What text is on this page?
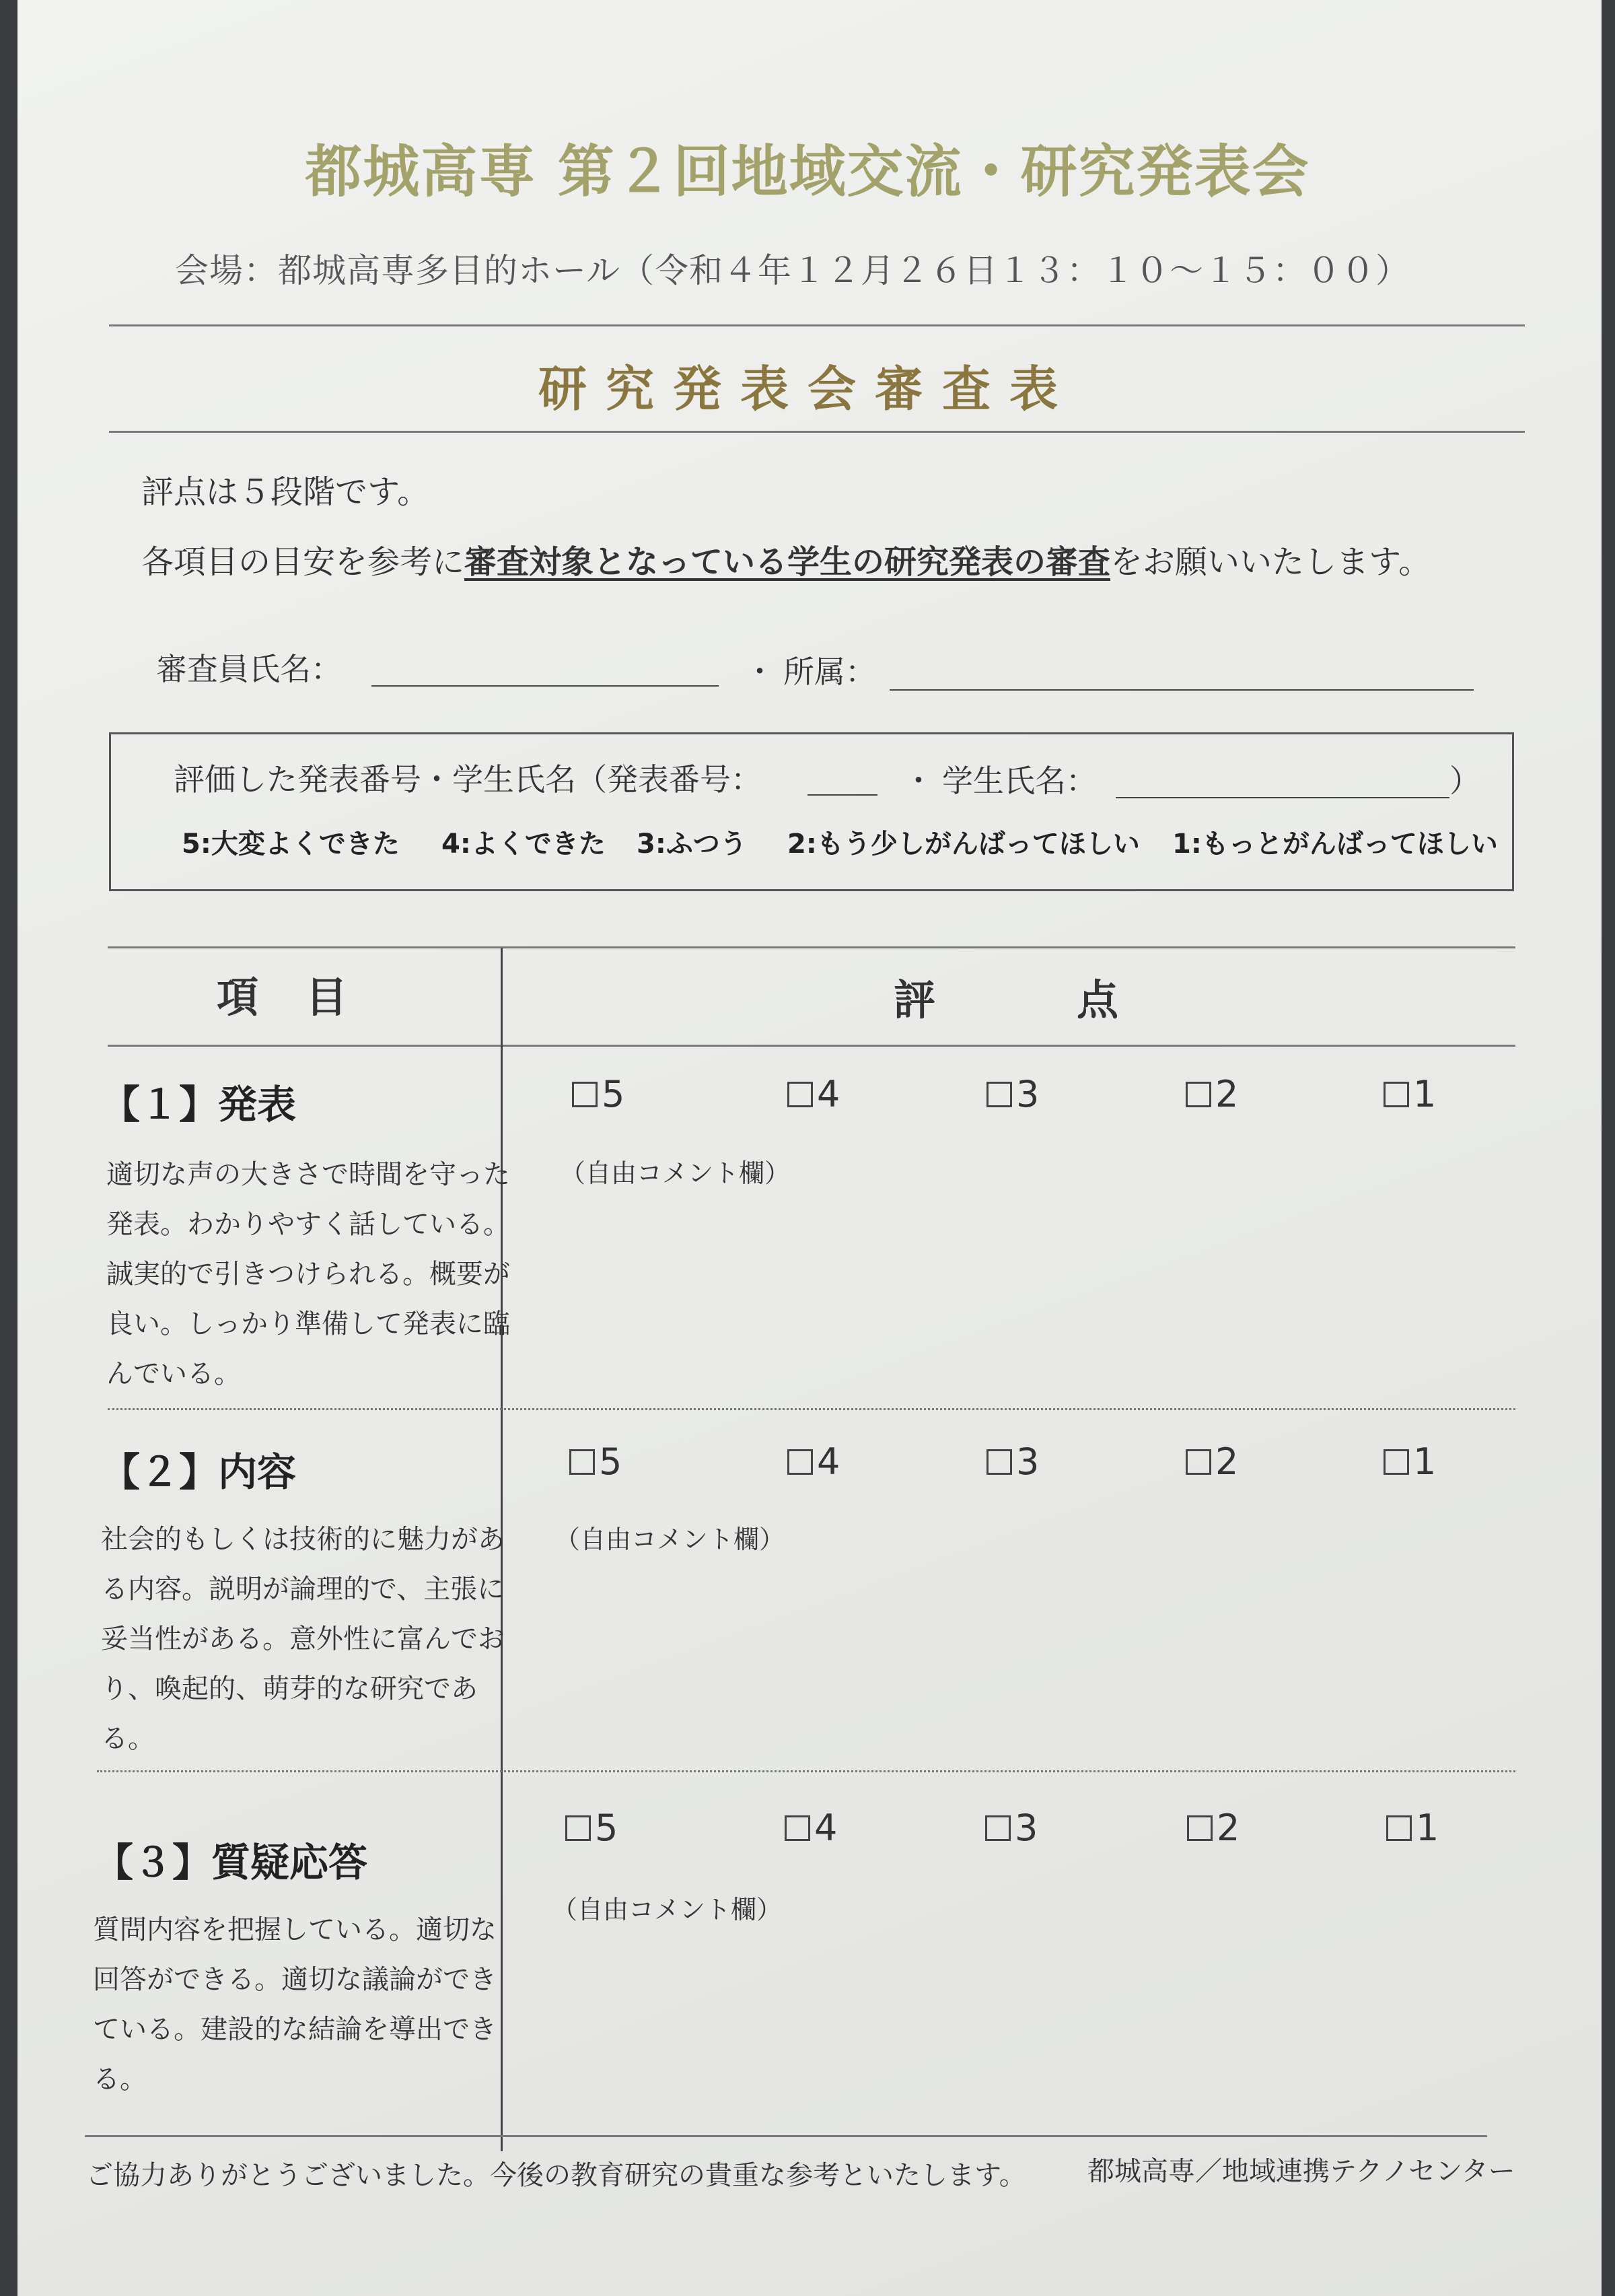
都城高専 第２回地域交流・研究発表会
会場：都城高専多目的ホール（令和４年１２月２６日１３：１０～１５：００）
研究発表会審査表
評点は５段階です。
各項目の目安を参考に審査対象となっている学生の研究発表の審査をお願いいたします。
審査員氏名：	・ 所属：
評価した発表番号・学生氏名（発表番号：	・ 学生氏名：	）
5:大変よくできた 4:よくできた 3:ふつう 2:もう少しがんばってほしい 1:もっとがんばってほしい
項目	評点
【１】発表
適切な声の大きさで時間を守った発表。わかりやすく話している。誠実的で引きつけられる。概要が良い。しっかり準備して発表に臨んでいる。
5	4	3	2	1
（自由コメント欄）
【２】内容
社会的もしくは技術的に魅力がある内容。説明が論理的で、主張に妥当性がある。意外性に富んでおり、喚起的、萌芽的な研究である。
5	4	3	2	1
（自由コメント欄）
【３】質疑応答
質問内容を把握している。適切な回答ができる。適切な議論ができている。建設的な結論を導出できる。
5	4	3	2	1
（自由コメント欄）
ご協力ありがとうございました。今後の教育研究の貴重な参考といたします。 都城高専／地域連携テクノセンター
